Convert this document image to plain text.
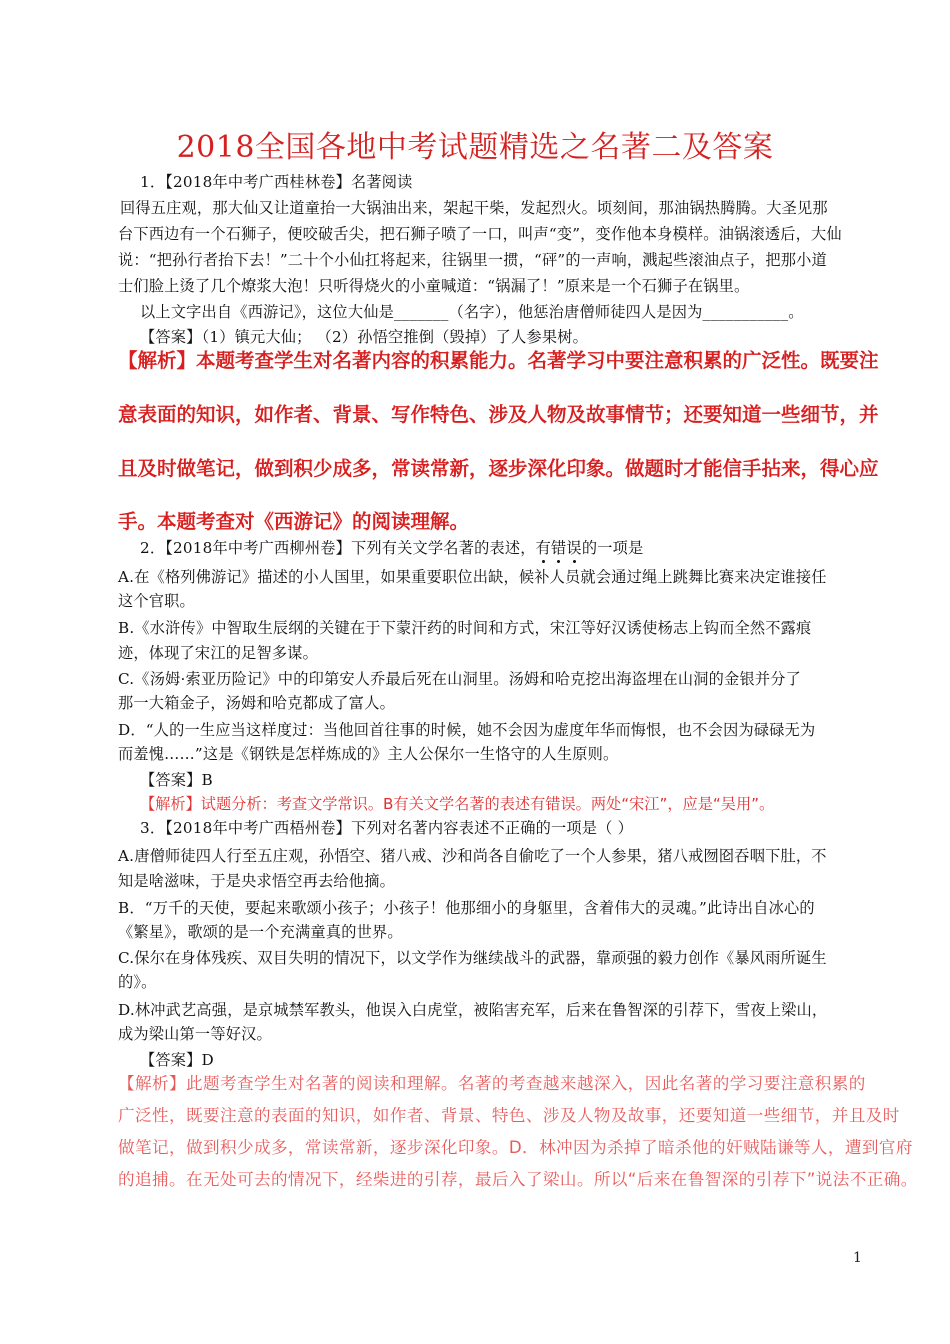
2018全国各地中考试题精选之名著二及答案
1．【2018年中考广西桂林卷】名著阅读
回得五庄观，那大仙又让道童抬一大锅油出来，架起干柴，发起烈火。顷刻间，那油锅热腾腾。大圣见那
台下西边有一个石狮子，便咬破舌尖，把石狮子喷了一口，叫声“变”，变作他本身模样。油锅滚透后，大仙
说：“把孙行者抬下去！”二十个小仙扛将起来，往锅里一掼，“砰”的一声响，溅起些滚油点子，把那小道
士们脸上烫了几个燎浆大泡！只听得烧火的小童喊道：“锅漏了！”原来是一个石狮子在锅里。
以上文字出自《西游记》，这位大仙是_______（名字），他惩治唐僧师徒四人是因为___________。
【答案】（1）镇元大仙； （2）孙悟空推倒（毁掉）了人参果树。
【解析】本题考查学生对名著内容的积累能力。名著学习中要注意积累的广泛性。既要注
意表面的知识，如作者、背景、写作特色、涉及人物及故事情节；还要知道一些细节，并
且及时做笔记，做到积少成多，常读常新，逐步深化印象。做题时才能信手拈来，得心应
手。本题考查对《西游记》的阅读理解。
2．【2018年中考广西柳州卷】下列有关文学名著的表述，有错误的一项是
A.在《格列佛游记》描述的小人国里，如果重要职位出缺，候补人员就会通过绳上跳舞比赛来决定谁接任
这个官职。
B.《水浒传》中智取生辰纲的关键在于下蒙汗药的时间和方式，宋江等好汉诱使杨志上钩而全然不露痕
迹，体现了宋江的足智多谋。
C.《汤姆·索亚历险记》中的印第安人乔最后死在山洞里。汤姆和哈克挖出海盗埋在山洞的金银并分了
那一大箱金子，汤姆和哈克都成了富人。
D．“人的一生应当这样度过：当他回首往事的时候，她不会因为虚度年华而悔恨，也不会因为碌碌无为
而羞愧……”这是《钢铁是怎样炼成的》主人公保尔一生恪守的人生原则。
【答案】B
【解析】试题分析：考查文学常识。B有关文学名著的表述有错误。两处“宋江”，应是“吴用”。
3．【2018年中考广西梧州卷】下列对名著内容表述不正确的一项是（ ）
A.唐僧师徒四人行至五庄观，孙悟空、猪八戒、沙和尚各自偷吃了一个人参果，猪八戒囫囵吞咽下肚，不
知是啥滋味，于是央求悟空再去给他摘。
B．“万千的天使，要起来歌颂小孩子；小孩子！他那细小的身躯里，含着伟大的灵魂。”此诗出自冰心的
《繁星》，歌颂的是一个充满童真的世界。
C.保尔在身体残疾、双目失明的情况下，以文学作为继续战斗的武器，靠顽强的毅力创作《暴风雨所诞生
的》。
D.林冲武艺高强，是京城禁军教头，他误入白虎堂，被陷害充军，后来在鲁智深的引荐下，雪夜上梁山，
成为梁山第一等好汉。
【答案】D
【解析】此题考查学生对名著的阅读和理解。名著的考查越来越深入，因此名著的学习要注意积累的
广泛性，既要注意的表面的知识，如作者、背景、特色、涉及人物及故事，还要知道一些细节，并且及时
做笔记，做到积少成多，常读常新，逐步深化印象。D．林冲因为杀掉了暗杀他的奸贼陆谦等人，遭到官府
的追捕。在无处可去的情况下，经柴进的引荐，最后入了梁山。所以“后来在鲁智深的引荐下”说法不正确。
1
